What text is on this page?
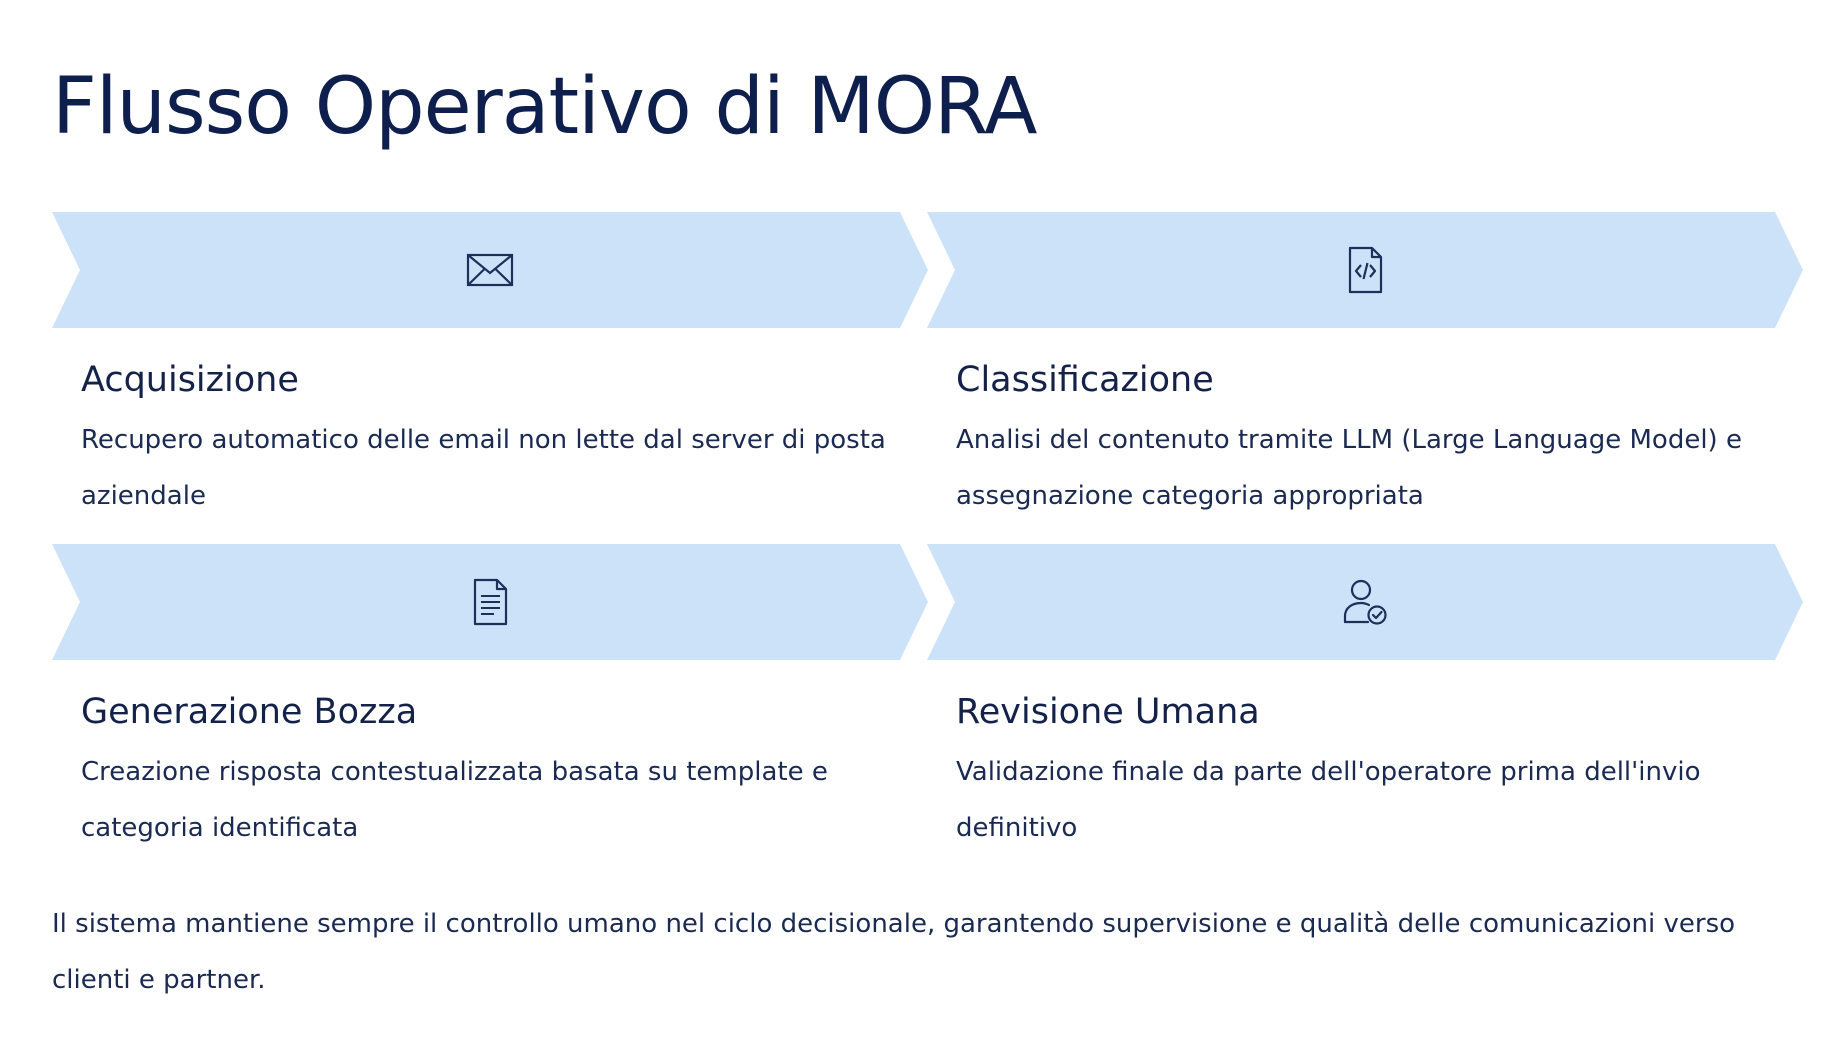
Flusso Operativo di MORA
Acquisizione

Recupero automatico delle email non lette dal server di posta aziendale

Classificazione

Analisi del contenuto tramite LLM (Large Language Model) e assegnazione categoria appropriata

Generazione Bozza

Creazione risposta contestualizzata basata su template e categoria identificata

Revisione Umana

Validazione finale da parte dell'operatore prima dell'invio definitivo

Il sistema mantiene sempre il controllo umano nel ciclo decisionale, garantendo supervisione e qualità delle comunicazioni verso clienti e partner.
